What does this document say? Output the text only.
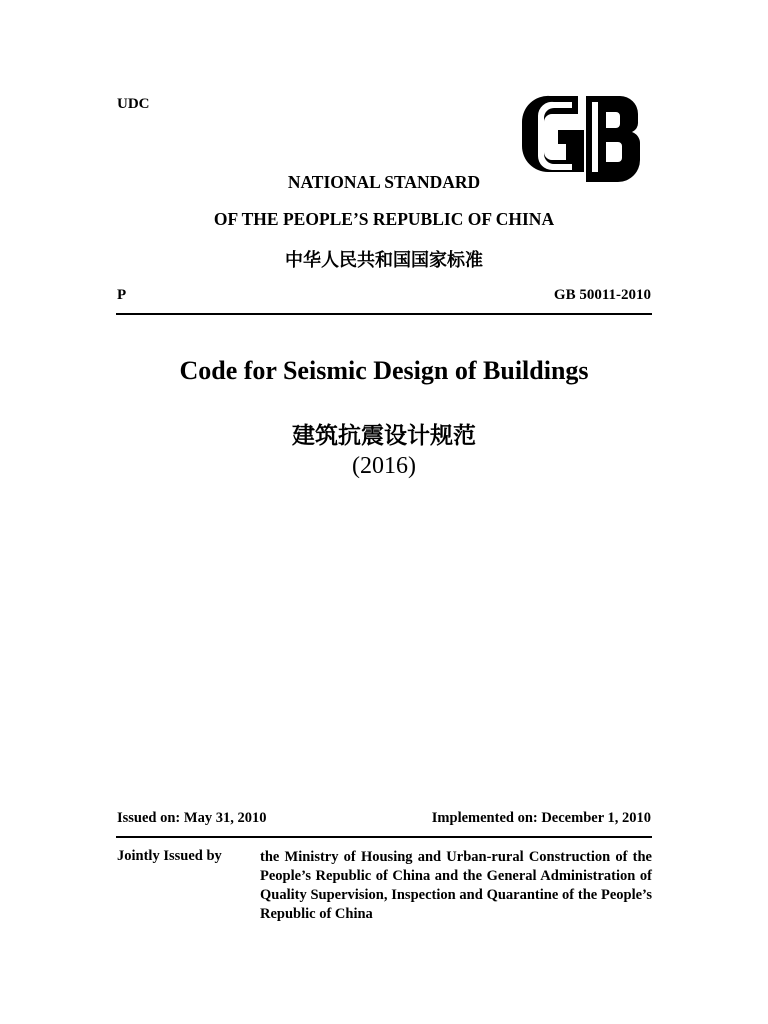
UDC
NATIONAL STANDARD
OF THE PEOPLE’S REPUBLIC OF CHINA
中华人民共和国国家标准
P	GB 50011-2010
Code for Seismic Design of Buildings
建筑抗震设计规范
(2016)
Issued on: May 31, 2010	Implemented on: December 1, 2010
Jointly Issued by	the Ministry of Housing and Urban-rural Construction of the People’s Republic of China and the General Administration of Quality Supervision, Inspection and Quarantine of the People’s Republic of China
